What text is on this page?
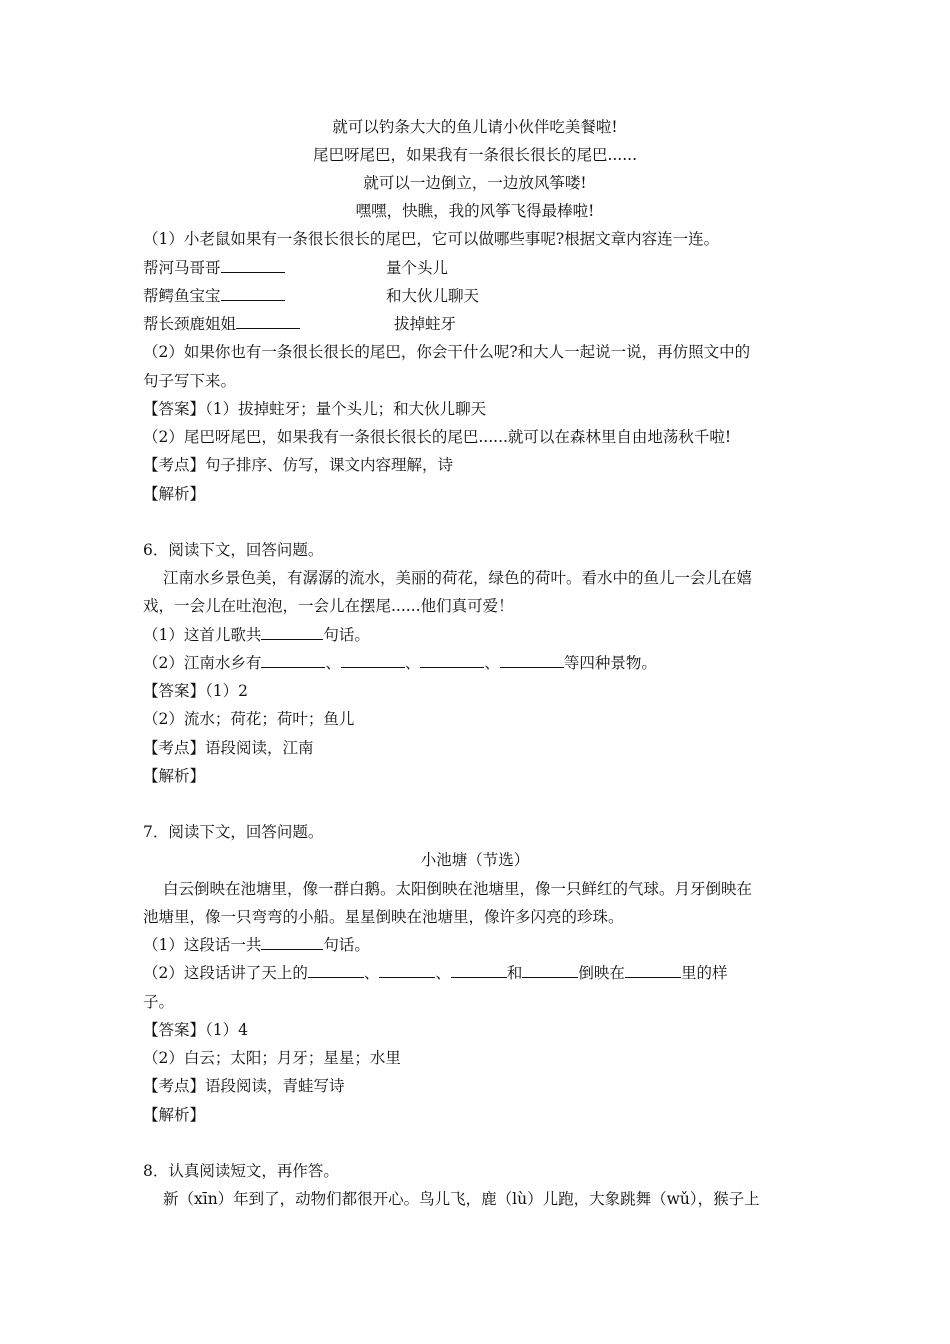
就可以钓条大大的鱼儿请小伙伴吃美餐啦!
尾巴呀尾巴，如果我有一条很长很长的尾巴......
就可以一边倒立，一边放风筝喽!
嘿嘿，快瞧，我的风筝飞得最棒啦!
（1）小老鼠如果有一条很长很长的尾巴，它可以做哪些事呢?根据文章内容连一连。
帮河马哥哥	量个头儿
帮鳄鱼宝宝	和大伙儿聊天
帮长颈鹿姐姐	拔掉蛀牙
（2）如果你也有一条很长很长的尾巴，你会干什么呢?和大人一起说一说，再仿照文中的
句子写下来。
【答案】（1）拔掉蛀牙；量个头儿；和大伙儿聊天
（2）尾巴呀尾巴，如果我有一条很长很长的尾巴......就可以在森林里自由地荡秋千啦!
【考点】句子排序、仿写，课文内容理解，诗
【解析】
6．阅读下文，回答问题。
江南水乡景色美，有潺潺的流水，美丽的荷花，绿色的荷叶。看水中的鱼儿一会儿在嬉
戏，一会儿在吐泡泡，一会儿在摆尾......他们真可爱！
（1）这首儿歌共	句话。
（2）江南水乡有	、	、	、	等四种景物。
【答案】（1）2
（2）流水；荷花；荷叶；鱼儿
【考点】语段阅读，江南
【解析】
7．阅读下文，回答问题。
小池塘（节选）
白云倒映在池塘里，像一群白鹅。太阳倒映在池塘里，像一只鲜红的气球。月牙倒映在
池塘里，像一只弯弯的小船。星星倒映在池塘里，像许多闪亮的珍珠。
（1）这段话一共	句话。
（2）这段话讲了天上的	、	、	和	倒映在	里的样
子。
【答案】（1）4
（2）白云；太阳；月牙；星星；水里
【考点】语段阅读，青蛙写诗
【解析】
8．认真阅读短文，再作答。
新（xīn）年到了，动物们都很开心。鸟儿飞，鹿（lù）儿跑，大象跳舞（wǔ），猴子上
